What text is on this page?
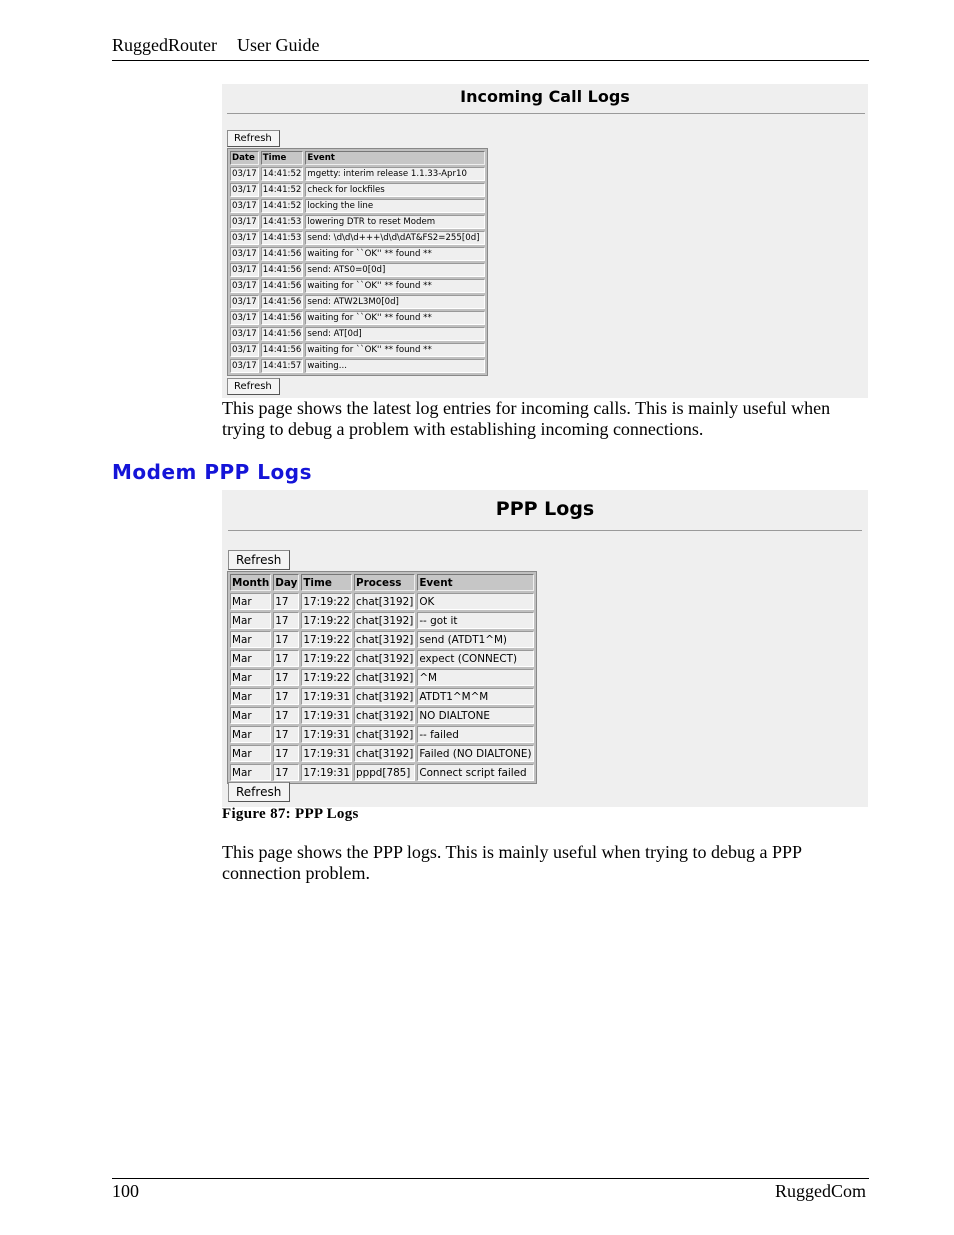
RuggedRouter User Guide
Incoming Call Logs
Refresh
Date	Time	Event
03/17	14:41:52	mgetty: interim release 1.1.33-Apr10
03/17	14:41:52	check for lockfiles
03/17	14:41:52	locking the line
03/17	14:41:53	lowering DTR to reset Modem
03/17	14:41:53	send: \d\d\d+++\d\d\dAT&FS2=255[0d]
03/17	14:41:56	waiting for ``OK'' ** found **
03/17	14:41:56	send: ATS0=0[0d]
03/17	14:41:56	waiting for ``OK'' ** found **
03/17	14:41:56	send: ATW2L3M0[0d]
03/17	14:41:56	waiting for ``OK'' ** found **
03/17	14:41:56	send: AT[0d]
03/17	14:41:56	waiting for ``OK'' ** found **
03/17	14:41:57	waiting...
Refresh
This page shows the latest log entries for incoming calls. This is mainly useful when trying to debug a problem with establishing incoming connections.
Modem PPP Logs
PPP Logs
Refresh
Month	Day	Time	Process	Event
Mar	17	17:19:22	chat[3192]	OK
Mar	17	17:19:22	chat[3192]	-- got it
Mar	17	17:19:22	chat[3192]	send (ATDT1^M)
Mar	17	17:19:22	chat[3192]	expect (CONNECT)
Mar	17	17:19:22	chat[3192]	^M
Mar	17	17:19:31	chat[3192]	ATDT1^M^M
Mar	17	17:19:31	chat[3192]	NO DIALTONE
Mar	17	17:19:31	chat[3192]	-- failed
Mar	17	17:19:31	chat[3192]	Failed (NO DIALTONE)
Mar	17	17:19:31	pppd[785]	Connect script failed
Refresh
Figure 87: PPP Logs
This page shows the PPP logs. This is mainly useful when trying to debug a PPP connection problem.
100	RuggedCom
